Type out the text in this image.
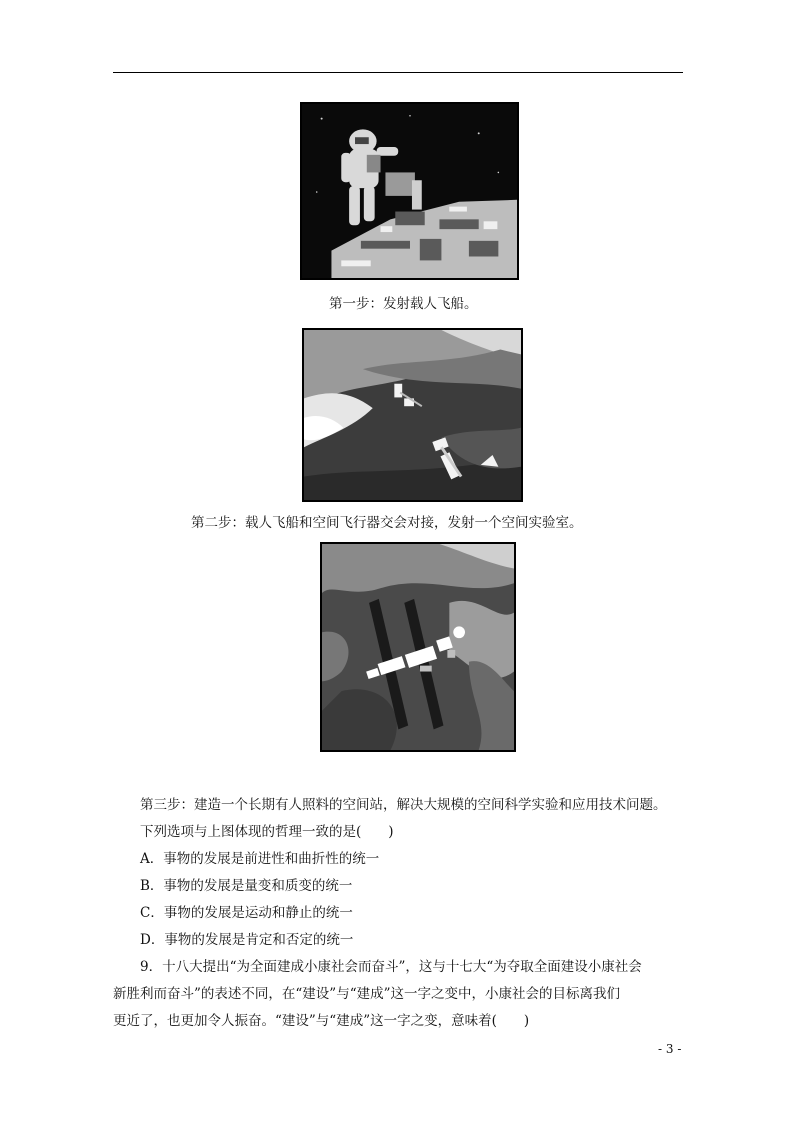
第一步：发射载人飞船。
第二步：载人飞船和空间飞行器交会对接，发射一个空间实验室。
第三步：建造一个长期有人照料的空间站，解决大规模的空间科学实验和应用技术问题。
下列选项与上图体现的哲理一致的是(　　)
A．事物的发展是前进性和曲折性的统一
B．事物的发展是量变和质变的统一
C．事物的发展是运动和静止的统一
D．事物的发展是肯定和否定的统一
9．十八大提出“为全面建成小康社会而奋斗”，这与十七大“为夺取全面建设小康社会
新胜利而奋斗”的表述不同，在“建设”与“建成”这一字之变中，小康社会的目标离我们
更近了，也更加令人振奋。“建设”与“建成”这一字之变，意味着(　　)
- 3 -
